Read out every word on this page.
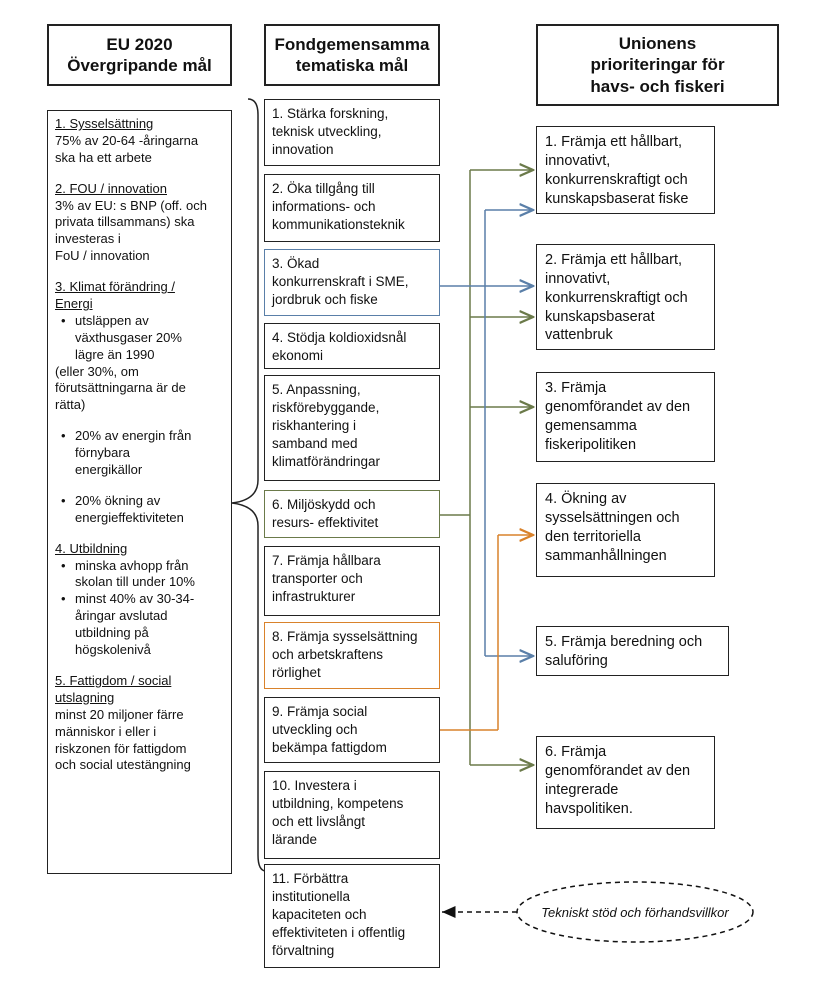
EU 2020
Övergripande mål
Fondgemensamma
tematiska mål
Unionens
prioriteringar för
havs- och fiskeri
1. Sysselsättning
75% av 20-64 -åringarna
ska ha ett arbete
2. FOU / innovation
3% av EU: s BNP (off. och
privata tillsammans) ska
investeras i
FoU / innovation
3. Klimat förändring /
Energi
• utsläppen av
växthusgaser 20%
lägre än 1990
(eller 30%, om
förutsättningarna är de
rätta)
• 20% av energin från
förnybara
energikällor
• 20% ökning av
energieffektiviteten
4. Utbildning
• minska avhopp från
skolan till under 10%
• minst 40% av 30-34-
åringar avslutad
utbildning på
högskolenivå
5. Fattigdom / social
utslagning
minst 20 miljoner färre
människor i eller i
riskzonen för fattigdom
och social utestängning
1. Stärka forskning,
teknisk utveckling,
innovation
2. Öka tillgång till
informations- och
kommunikationsteknik
3. Ökad
konkurrenskraft i SME,
jordbruk och fiske
4. Stödja koldioxidsnål
ekonomi
5. Anpassning,
riskförebyggande,
riskhantering i
samband med
klimatförändringar
6. Miljöskydd och
resurs- effektivitet
7. Främja hållbara
transporter och
infrastrukturer
8. Främja sysselsättning
och arbetskraftens
rörlighet
9. Främja social
utveckling och
bekämpa fattigdom
10. Investera i
utbildning, kompetens
och ett livslångt
lärande
11. Förbättra
institutionella
kapaciteten och
effektiviteten i offentlig
förvaltning
1. Främja ett hållbart,
innovativt,
konkurrenskraftigt och
kunskapsbaserat fiske
2. Främja ett hållbart,
innovativt,
konkurrenskraftigt och
kunskapsbaserat
vattenbruk
3. Främja
genomförandet av den
gemensamma
fiskeripolitiken
4. Ökning av
sysselsättningen och
den territoriella
sammanhållningen
5. Främja beredning och
saluföring
6. Främja
genomförandet av den
integrerade
havspolitiken.
Tekniskt stöd och förhandsvillkor
